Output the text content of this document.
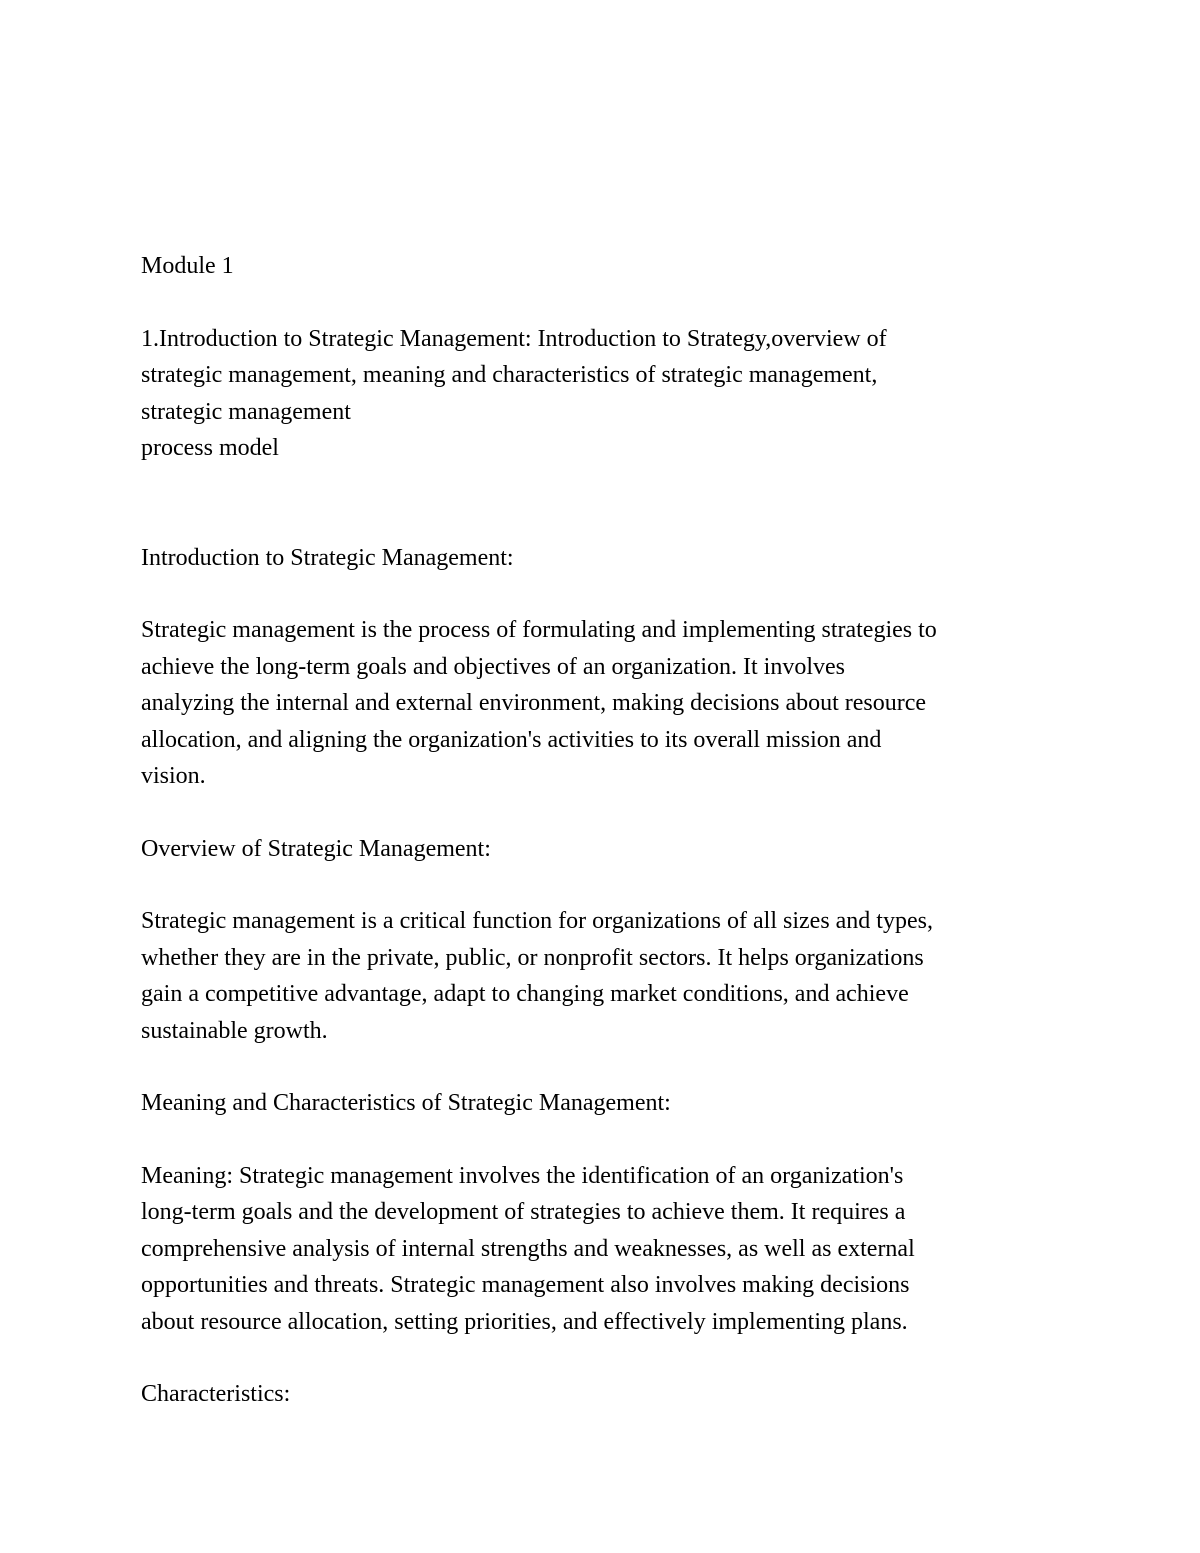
Module 1

1.Introduction to Strategic Management: Introduction to Strategy,overview of
strategic management, meaning and characteristics of strategic management,
strategic management
process model

Introduction to Strategic Management:

Strategic management is the process of formulating and implementing strategies to
achieve the long-term goals and objectives of an organization. It involves
analyzing the internal and external environment, making decisions about resource
allocation, and aligning the organization's activities to its overall mission and
vision.

Overview of Strategic Management:

Strategic management is a critical function for organizations of all sizes and types,
whether they are in the private, public, or nonprofit sectors. It helps organizations
gain a competitive advantage, adapt to changing market conditions, and achieve
sustainable growth.

Meaning and Characteristics of Strategic Management:

Meaning: Strategic management involves the identification of an organization's
long-term goals and the development of strategies to achieve them. It requires a
comprehensive analysis of internal strengths and weaknesses, as well as external
opportunities and threats. Strategic management also involves making decisions
about resource allocation, setting priorities, and effectively implementing plans.

Characteristics:
